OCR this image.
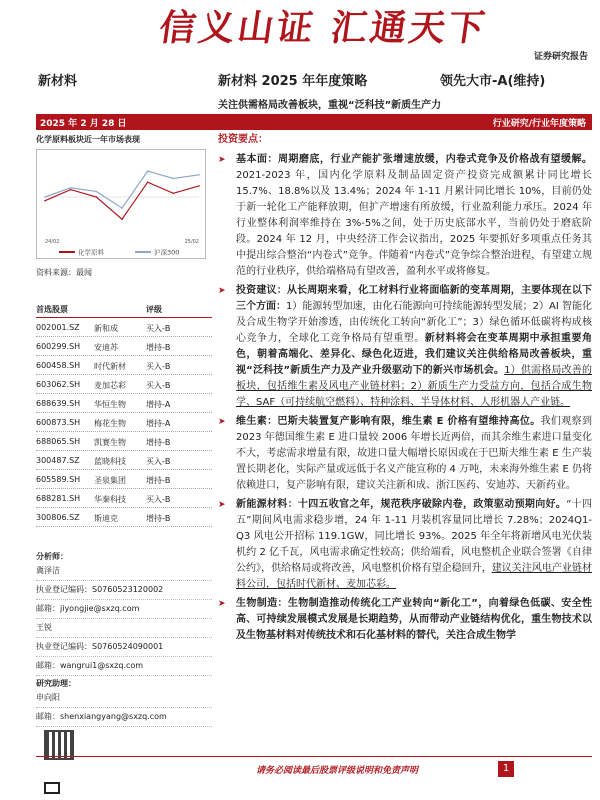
信义山证 汇通天下
证券研究报告
新材料	新材料 2025 年年度策略	领先大市-A(维持)
关注供需格局改善板块，重视“泛科技”新质生产力
2025 年 2 月 28 日	行业研究/行业年度策略
化学原料板块近一年市场表现
24/02	25/02
化学原料	沪深300
资料来源：最闻
首选股票	评级
002001.SZ 新和成	买入-B
600299.SH 安迪苏	增持-B
600458.SH 时代新材	买入-B
603062.SH 麦加芯彩	买入-B
688639.SH 华恒生物	增持-A
600873.SH 梅花生物	增持-A
688065.SH 凯赛生物	增持-B
300487.SZ 蓝晓科技	买入-B
605589.SH 圣泉集团	增持-B
688281.SH 华秦科技	买入-B
300806.SZ 斯迪克	增持-B
分析师：
冀泽洁
执业登记编码：S0760523120002
邮箱：jiyongjie@sxzq.com
王锐
执业登记编码：S0760524090001
邮箱：wangrui1@sxzq.com
研究助理：
申向阳
邮箱：shenxiangyang@sxzq.com
投资要点：
➤ 基本面：周期磨底，行业产能扩张增速放缓，内卷式竞争及价格战有望缓解。2021-2023 年，国内化学原料及制品固定资产投资完成额累计同比增长 15.7%、18.8%以及 13.4%；2024 年 1-11 月累计同比增长 10%，目前仍处于新一轮化工产能释放期，但扩产增速有所放缓，行业盈利能力承压。2024 年行业整体利润率维持在 3%-5%之间，处于历史底部水平，当前仍处于磨底阶段。2024 年 12 月，中央经济工作会议指出，2025 年要抓好多项重点任务其中提出综合整治“内卷式”竞争。伴随着“内卷式”竞争综合整治进程，有望建立规范的行业秩序，供给端格局有望改善，盈利水平或将修复。
➤ 投资建议：从长周期来看，化工材料行业将面临新的变革周期，主要体现在以下三个方面：1）能源转型加速，由化石能源向可持续能源转型发展；2）AI 智能化及合成生物学开始渗透，由传统化工转向“新化工”；3）绿色循环低碳将构成核心竞争力，全球化工竞争格局有望重塑。新材料将会在变革周期中承担重要角色，朝着高端化、差异化、绿色化迈进，我们建议关注供给格局改善板块，重视“泛科技”新质生产力及产业升级驱动下的新兴市场机会。1）供需格局改善的板块，包括维生素及风电产业链材料；2）新质生产力受益方向，包括合成生物学、SAF（可持续航空燃料）、特种涂料、半导体材料、人形机器人产业链。
➤ 维生素：巴斯夫装置复产影响有限，维生素 E 价格有望维持高位。我们观察到 2023 年德国维生素 E 进口量较 2006 年增长近两倍，而其余维生素进口量变化不大，考虑需求增量有限，故进口量大幅增长原因或在于巴斯夫维生素 E 生产装置长期老化，实际产量或远低于名义产能宣称的 4 万吨，未来海外维生素 E 仍将依赖进口，复产影响有限，建议关注新和成、浙江医药、安迪苏、天新药业。
➤ 新能源材料：十四五收官之年，规范秩序破除内卷，政策驱动预期向好。“十四五”期间风电需求稳步增，24 年 1-11 月装机容量同比增长 7.28%；2024Q1-Q3 风电公开招标 119.1GW，同比增长 93%。2025 年全年将新增风电光伏装机约 2 亿千瓦，风电需求确定性较高；供给端看，风电整机企业联合签署《自律公约》，供给格局或将改善，风电整机价格有望企稳回升，建议关注风电产业链材料公司，包括时代新材、麦加芯彩。
➤ 生物制造：生物制造推动传统化工产业转向“新化工”，向着绿色低碳、安全性高、可持续发展模式发展是长期趋势，从而带动产业链结构优化，重生物技术以及生物基材料对传统技术和石化基材料的替代，关注合成生物学
请务必阅读最后股票评级说明和免责声明	1
